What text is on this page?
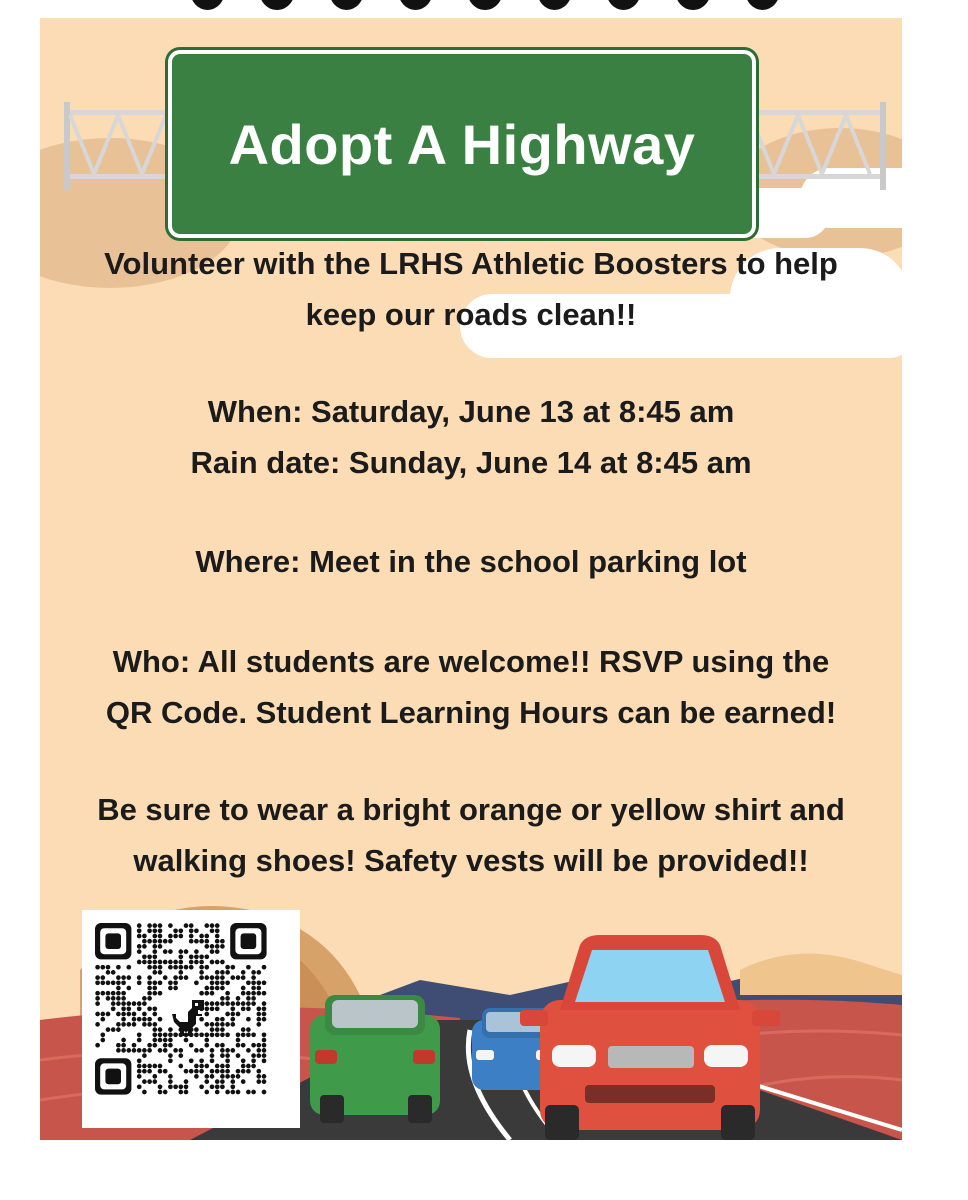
Adopt A Highway
Volunteer with the LRHS Athletic Boosters to help
keep our roads clean!!
When: Saturday, June 13 at 8:45 am
Rain date: Sunday, June 14 at 8:45 am
Where: Meet in the school parking lot
Who: All students are welcome!! RSVP using the
QR Code. Student Learning Hours can be earned!
Be sure to wear a bright orange or yellow shirt and
walking shoes! Safety vests will be provided!!
